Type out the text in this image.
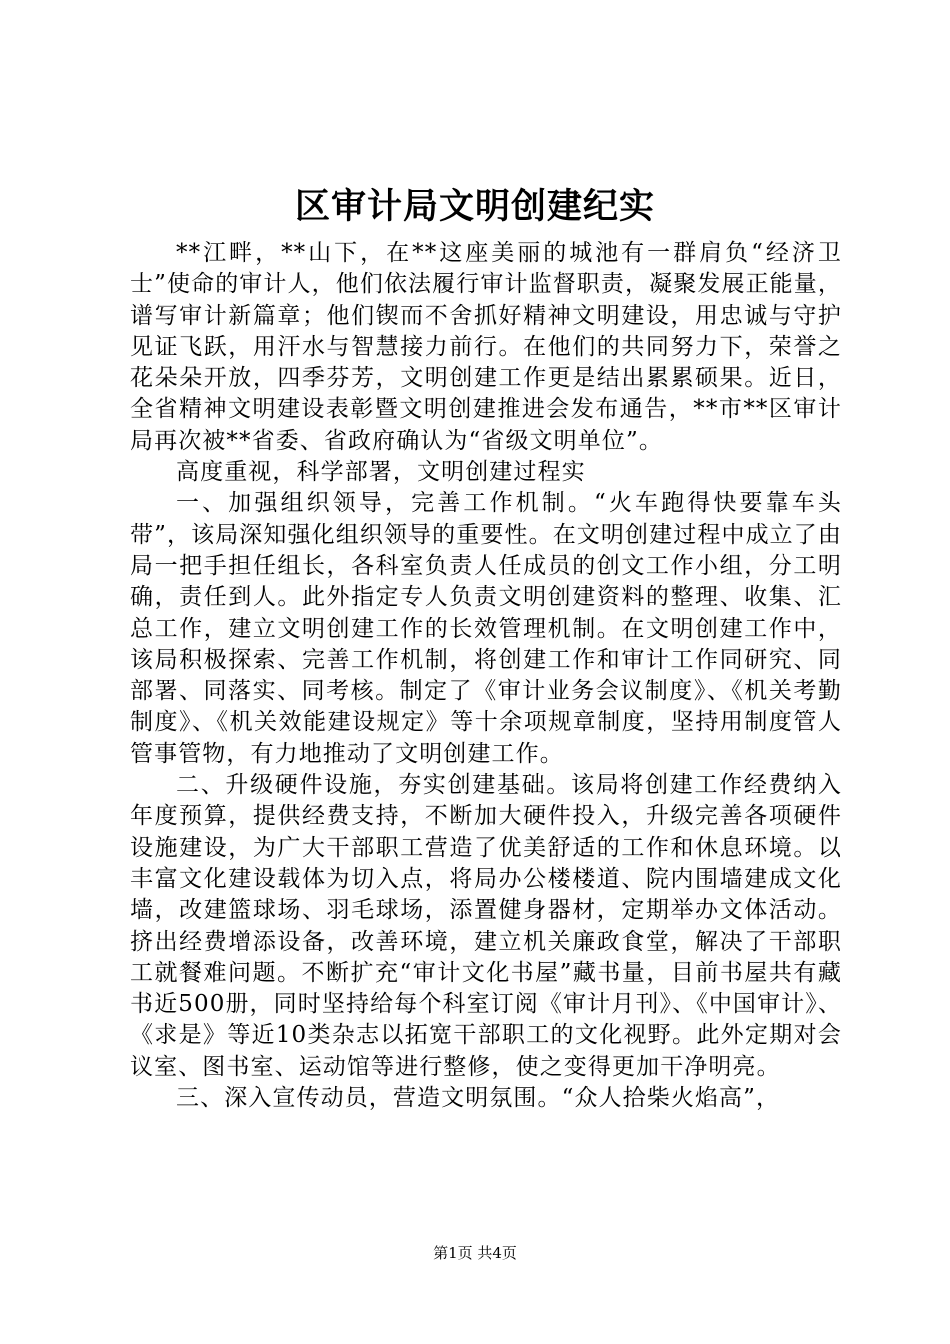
区审计局文明创建纪实

**江畔，**山下，在**这座美丽的城池有一群肩负“经济卫士”使命的审计人，他们依法履行审计监督职责，凝聚发展正能量，谱写审计新篇章；他们锲而不舍抓好精神文明建设，用忠诚与守护见证飞跃，用汗水与智慧接力前行。在他们的共同努力下，荣誉之花朵朵开放，四季芬芳，文明创建工作更是结出累累硕果。近日，全省精神文明建设表彰暨文明创建推进会发布通告，**市**区审计局再次被**省委、省政府确认为“省级文明单位”。

高度重视，科学部署，文明创建过程实

一、加强组织领导，完善工作机制。“火车跑得快要靠车头带”，该局深知强化组织领导的重要性。在文明创建过程中成立了由局一把手担任组长，各科室负责人任成员的创文工作小组，分工明确，责任到人。此外指定专人负责文明创建资料的整理、收集、汇总工作，建立文明创建工作的长效管理机制。在文明创建工作中，该局积极探索、完善工作机制，将创建工作和审计工作同研究、同部署、同落实、同考核。制定了《审计业务会议制度》、《机关考勤制度》、《机关效能建设规定》等十余项规章制度，坚持用制度管人管事管物，有力地推动了文明创建工作。

二、升级硬件设施，夯实创建基础。该局将创建工作经费纳入年度预算，提供经费支持，不断加大硬件投入，升级完善各项硬件设施建设，为广大干部职工营造了优美舒适的工作和休息环境。以丰富文化建设载体为切入点，将局办公楼楼道、院内围墙建成文化墙，改建篮球场、羽毛球场，添置健身器材，定期举办文体活动。挤出经费增添设备，改善环境，建立机关廉政食堂，解决了干部职工就餐难问题。不断扩充“审计文化书屋”藏书量，目前书屋共有藏书近500册，同时坚持给每个科室订阅《审计月刊》、《中国审计》、《求是》等近10类杂志以拓宽干部职工的文化视野。此外定期对会议室、图书室、运动馆等进行整修，使之变得更加干净明亮。

三、深入宣传动员，营造文明氛围。“众人拾柴火焰高”，

第1页 共4页
